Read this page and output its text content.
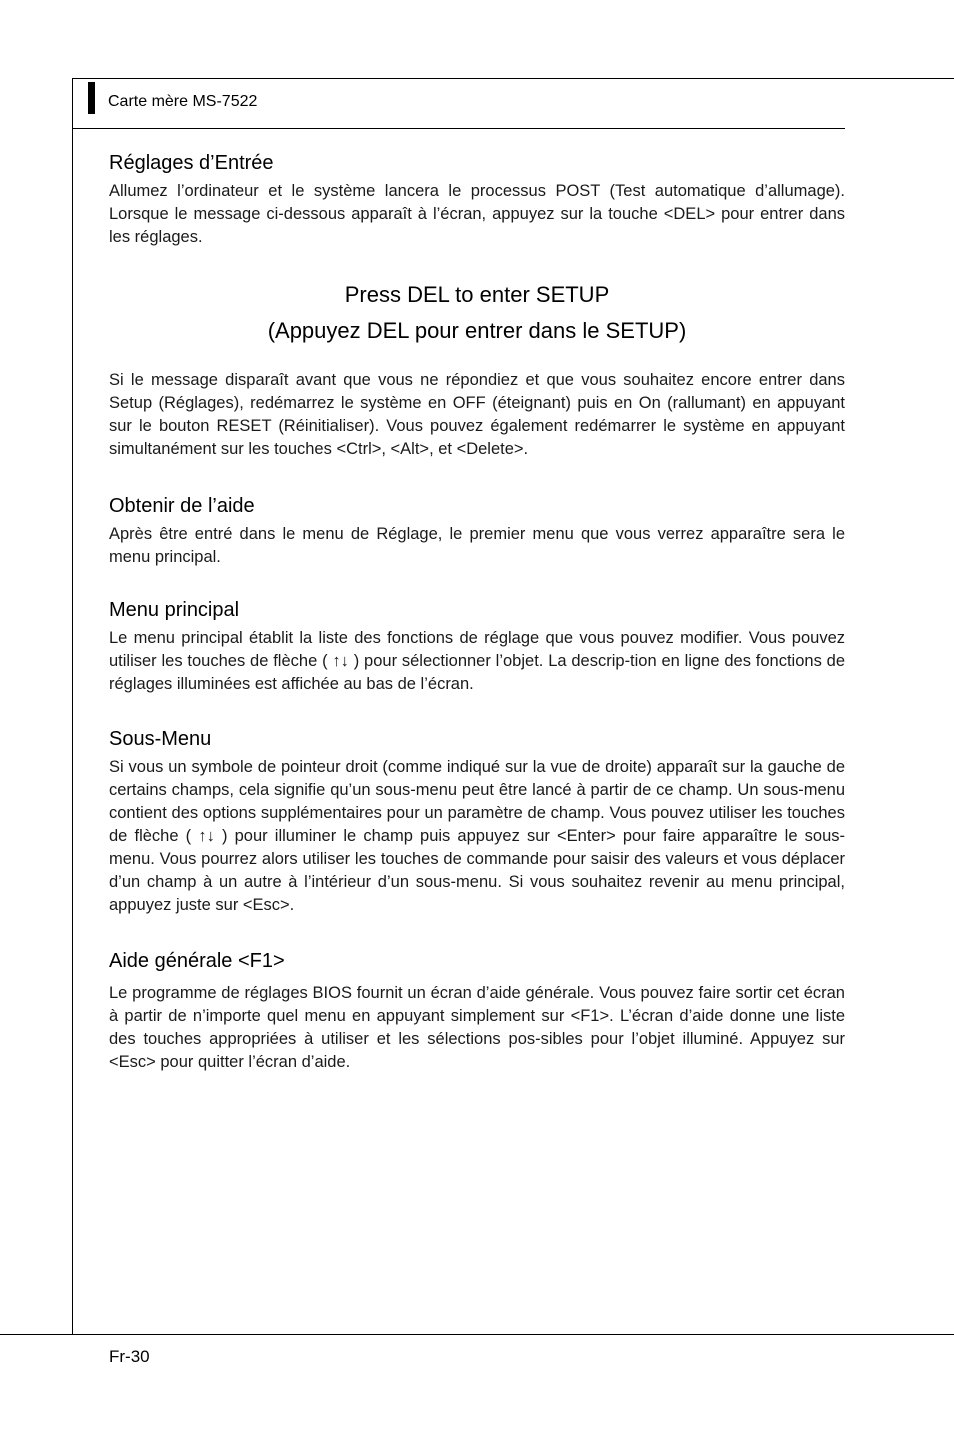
Carte mère MS-7522
Réglages d’Entrée

Allumez l’ordinateur et le système lancera le processus POST (Test automatique d’allumage). Lorsque le message ci-dessous apparaît à l’écran, appuyez sur la touche <DEL> pour entrer dans les réglages.

Press DEL to enter SETUP
(Appuyez DEL pour entrer dans le SETUP)

Si le message disparaît avant que vous ne répondiez et que vous souhaitez encore entrer dans Setup (Réglages), redémarrez le système en OFF (éteignant) puis en On (rallumant) en appuyant sur le bouton RESET (Réinitialiser). Vous pouvez également redémarrer le système en appuyant simultanément sur les touches <Ctrl>, <Alt>, et <Delete>.

Obtenir de l’aide

Après être entré dans le menu de Réglage, le premier menu que vous verrez apparaître sera le menu principal.

Menu principal

Le menu principal établit la liste des fonctions de réglage que vous pouvez modifier. Vous pouvez utiliser les touches de flèche ( ↑↓ ) pour sélectionner l’objet. La descrip-tion en ligne des fonctions de réglages illuminées est affichée au bas de l’écran.

Sous-Menu

Si vous un symbole de pointeur droit (comme indiqué sur la vue de droite) apparaît sur la gauche de certains champs, cela signifie qu’un sous-menu peut être lancé à partir de ce champ. Un sous-menu contient des options supplémentaires pour un paramètre de champ. Vous pouvez utiliser les touches de flèche ( ↑↓ ) pour illuminer le champ puis appuyez sur <Enter> pour faire apparaître le sous-menu. Vous pourrez alors utiliser les touches de commande pour saisir des valeurs et vous déplacer d’un champ à un autre à l’intérieur d’un sous-menu. Si vous souhaitez revenir au menu principal, appuyez juste sur <Esc>.

Aide générale <F1>

Le programme de réglages BIOS fournit un écran d’aide générale. Vous pouvez faire sortir cet écran à partir de n’importe quel menu en appuyant simplement sur <F1>. L’écran d’aide donne une liste des touches appropriées à utiliser et les sélections pos-sibles pour l’objet illuminé. Appuyez sur <Esc> pour quitter l’écran d’aide.

Fr-30
